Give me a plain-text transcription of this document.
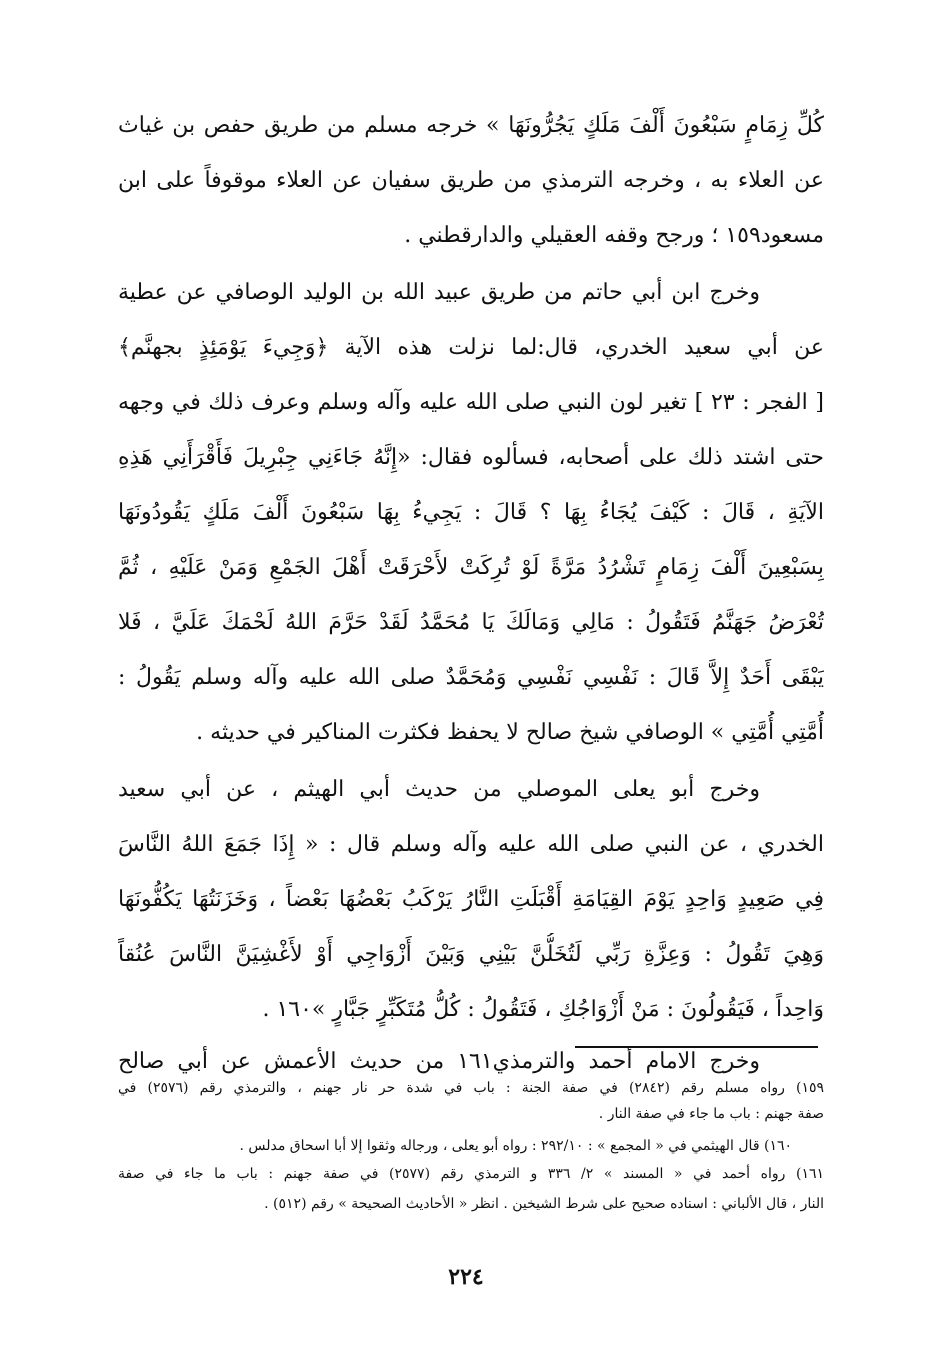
كُلِّ زِمَامٍ سَبْعُونَ أَلْفَ مَلَكٍ يَجُرُّونَهَا » خرجه مسلم من طريق حفص بن غياث
عن العلاء به ، وخرجه الترمذي من طريق سفيان عن العلاء موقوفاً على ابن
مسعود١٥٩ ؛ ورجح وقفه العقيلي والدارقطني .
وخرج ابن أبي حاتم من طريق عبيد الله بن الوليد الوصافي عن عطية
عن أبي سعيد الخدري، قال:لما نزلت هذه الآية ﴿وَجِيءَ يَوْمَئِذٍ بجهنَّم﴾
[ الفجر : ٢٣ ] تغير لون النبي صلى الله عليه وآله وسلم وعرف ذلك في وجهه
حتى اشتد ذلك على أصحابه، فسألوه فقال: «إِنَّهُ جَاءَنِي جِبْرِيلَ فَأَقْرَأَنِي هَذِهِ
الآيَةِ ، قَالَ : كَيْفَ يُجَاءُ بِهَا ؟ قَالَ : يَجِيءُ بِهَا سَبْعُونَ أَلْفَ مَلَكٍ يَقُودُونَهَا
بِسَبْعِينَ أَلْفَ زِمَامٍ تَشْرُدُ مَرَّةً لَوْ تُرِكَتْ لأَحْرَقَتْ أَهْلَ الجَمْعِ وَمَنْ عَلَيْهِ ، ثُمَّ
تُعْرَضُ جَهَنَّمُ فَتَقُولُ : مَالِي وَمَالَكَ يَا مُحَمَّدُ لَقَدْ حَرَّمَ اللهُ لَحْمَكَ عَلَيَّ ، فَلا
يَبْقَى أَحَدٌ إِلاَّ قَالَ : نَفْسِي نَفْسِي وَمُحَمَّدٌ صلى الله عليه وآله وسلم يَقُولُ :
أُمَّتِي أُمَّتِي » الوصافي شيخ صالح لا يحفظ فكثرت المناكير في حديثه .
وخرج أبو يعلى الموصلي من حديث أبي الهيثم ، عن أبي سعيد
الخدري ، عن النبي صلى الله عليه وآله وسلم قال : « إِذَا جَمَعَ اللهُ النَّاسَ
فِي صَعِيدٍ وَاحِدٍ يَوْمَ القِيَامَةِ أَقْبَلَتِ النَّارُ يَرْكَبُ بَعْضُهَا بَعْضاً ، وَخَزَنَتُهَا يَكُفُّونَهَا
وَهِيَ تَقُولُ : وَعِزَّةِ رَبِّي لَتُخَلُّنَّ بَيْنِي وَبَيْنَ أَزْوَاجِي أَوْ لأَغْشِيَنَّ النَّاسَ عُنُقاً
وَاحِداً ، فَيَقُولُونَ : مَنْ أَزْوَاجُكِ ، فَتَقُولُ : كُلُّ مُتَكَبِّرٍ جَبَّارٍ »١٦٠ .
وخرج الامام أحمد والترمذي١٦١ من حديث الأعمش عن أبي صالح
١٥٩) رواه مسلم رقم (٢٨٤٢) في صفة الجنة : باب في شدة حر نار جهنم ، والترمذي رقم (٢٥٧٦) في
صفة جهنم : باب ما جاء في صفة النار .
١٦٠) قال الهيثمي في « المجمع » : ٢٩٢/١٠ : رواه أبو يعلى ، ورجاله وثقوا إلا أبا اسحاق مدلس .
١٦١) رواه أحمد في « المسند » ٢/ ٣٣٦ و الترمذي رقم (٢٥٧٧) في صفة جهنم : باب ما جاء في صفة
النار ، قال الألباني : اسناده صحيح على شرط الشيخين . انظر « الأحاديث الصحيحة » رقم (٥١٢) .
٢٢٤
